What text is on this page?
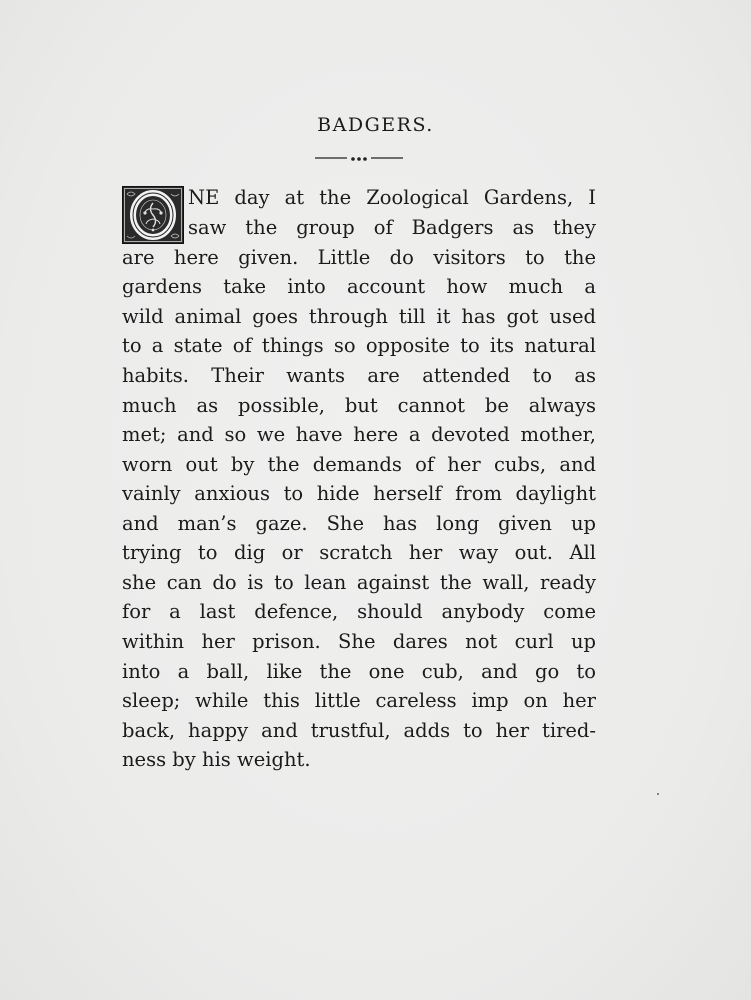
BADGERS.
NE day at the Zoological Gardens, I
saw the group of Badgers as they
are here given. Little do visitors to the
gardens take into account how much a
wild animal goes through till it has got used
to a state of things so opposite to its natural
habits. Their wants are attended to as
much as possible, but cannot be always
met; and so we have here a devoted mother,
worn out by the demands of her cubs, and
vainly anxious to hide herself from daylight
and man’s gaze. She has long given up
trying to dig or scratch her way out. All
she can do is to lean against the wall, ready
for a last defence, should anybody come
within her prison. She dares not curl up
into a ball, like the one cub, and go to
sleep; while this little careless imp on her
back, happy and trustful, adds to her tired-
ness by his weight.
